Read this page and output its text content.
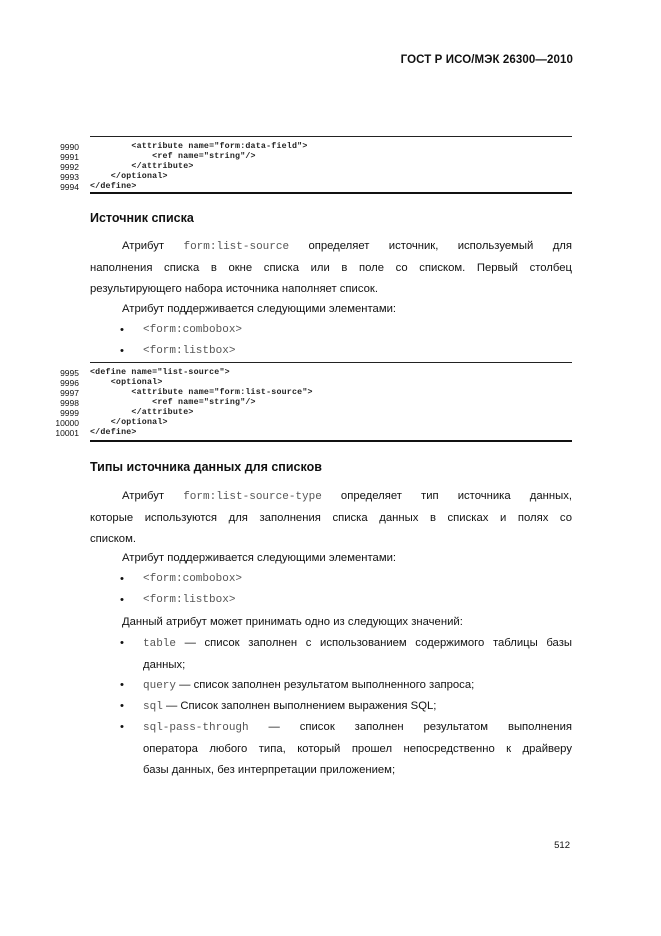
ГОСТ Р ИСО/МЭК 26300—2010
9990 <attribute name="form:data-field">
9991 <ref name="string"/>
9992 </attribute>
9993 </optional>
9994 </define>
Источник списка
Атрибут form:list-source определяет источник, используемый для
наполнения списка в окне списка или в поле со списком. Первый столбец
результирующего набора источника наполняет список.
Атрибут поддерживается следующими элементами:
• <form:combobox>
• <form:listbox>
9995 <define name="list-source">
9996 <optional>
9997 <attribute name="form:list-source">
9998 <ref name="string"/>
9999 </attribute>
10000 </optional>
10001 </define>
Типы источника данных для списков
Атрибут form:list-source-type определяет тип источника данных,
которые используются для заполнения списка данных в списках и полях со
списком.
Атрибут поддерживается следующими элементами:
• <form:combobox>
• <form:listbox>
Данный атрибут может принимать одно из следующих значений:
• table — список заполнен с использованием содержимого таблицы базы
данных;
• query — список заполнен результатом выполненного запроса;
• sql — Список заполнен выполнением выражения SQL;
• sql-pass-through — список заполнен результатом выполнения
оператора любого типа, который прошел непосредственно к драйверу
базы данных, без интерпретации приложением;
512
